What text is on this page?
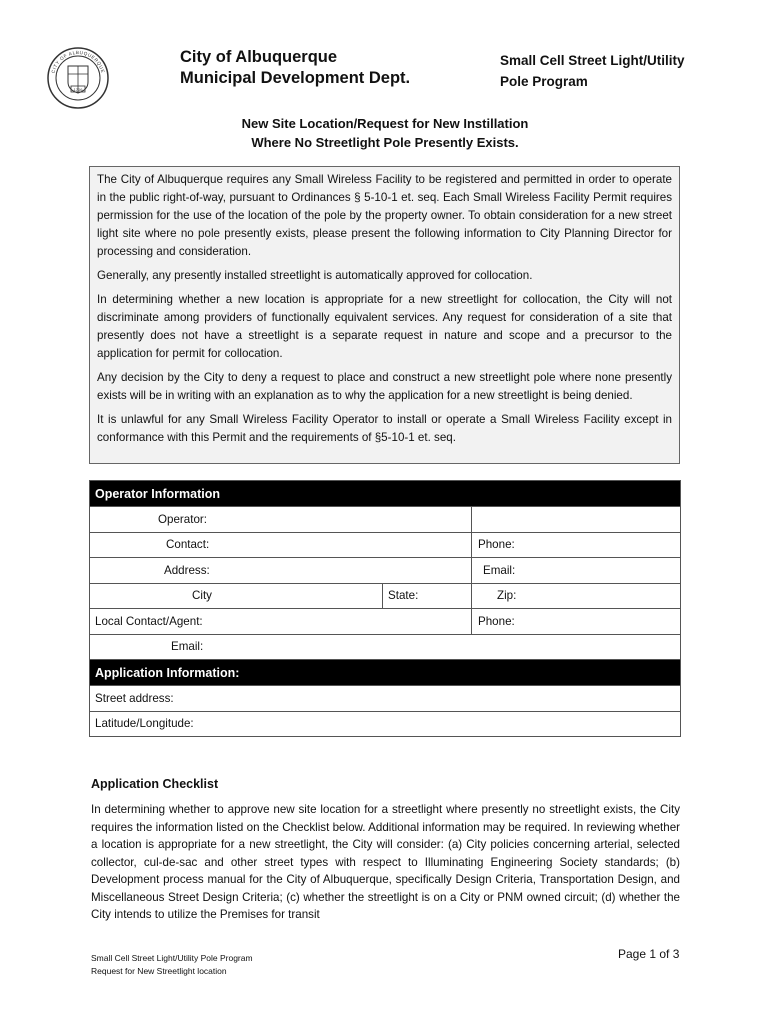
1706
CITY OF ALBUQUERQUE
City of Albuquerque
Municipal Development Dept.
Small Cell Street Light/Utility
Pole Program
New Site Location/Request for New Instillation
Where No Streetlight Pole Presently Exists.

The City of Albuquerque requires any Small Wireless Facility to be registered and permitted in order to operate in the public right-of-way, pursuant to Ordinances § 5-10-1 et. seq. Each Small Wireless Facility Permit requires permission for the use of the location of the pole by the property owner. To obtain consideration for a new street light site where no pole presently exists, please present the following information to City Planning Director for processing and consideration.

Generally, any presently installed streetlight is automatically approved for collocation.

In determining whether a new location is appropriate for a new streetlight for collocation, the City will not discriminate among providers of functionally equivalent services. Any request for consideration of a site that presently does not have a streetlight is a separate request in nature and scope and a precursor to the application for permit for collocation.

Any decision by the City to deny a request to place and construct a new streetlight pole where none presently exists will be in writing with an explanation as to why the application for a new streetlight is being denied.

It is unlawful for any Small Wireless Facility Operator to install or operate a Small Wireless Facility except in conformance with this Permit and the requirements of §5-10-1 et. seq.

Operator Information		
Operator:		
Contact:		Phone:
Address:		Email:
City	State:	Zip:
Local Contact/Agent:		Phone:
Email:		
Application Information:		
Street address:		
Latitude/Longitude:		
Application Checklist

In determining whether to approve new site location for a streetlight where presently no streetlight exists, the City requires the information listed on the Checklist below. Additional information may be required. In reviewing whether a location is appropriate for a new streetlight, the City will consider: (a) City policies concerning arterial, selected collector, cul-de-sac and other street types with respect to Illuminating Engineering Society standards; (b) Development process manual for the City of Albuquerque, specifically Design Criteria, Transportation Design, and Miscellaneous Street Design Criteria; (c) whether the streetlight is on a City or PNM owned circuit; (d) whether the City intends to utilize the Premises for transit

Small Cell Street Light/Utility Pole Program
Request for New Streetlight location
Page 1 of 3
